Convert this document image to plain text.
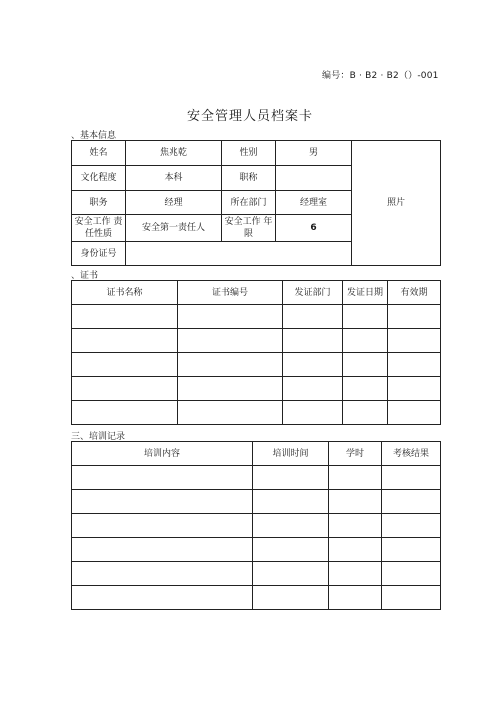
编号：B · B2 · B2（）-001
安全管理人员档案卡
、基本信息
姓名	焦兆乾	性别	男	照片
文化程度	本科	职称		
职务	经理	所在部门	经理室	
安全工作 责任性质	安全第一责任人	安全工作 年限	6	
身份证号				
、证书
证书名称	证书编号	发证部门	发证日期	有效期

三、培训记录
培训内容	培训时间	学时	考核结果
